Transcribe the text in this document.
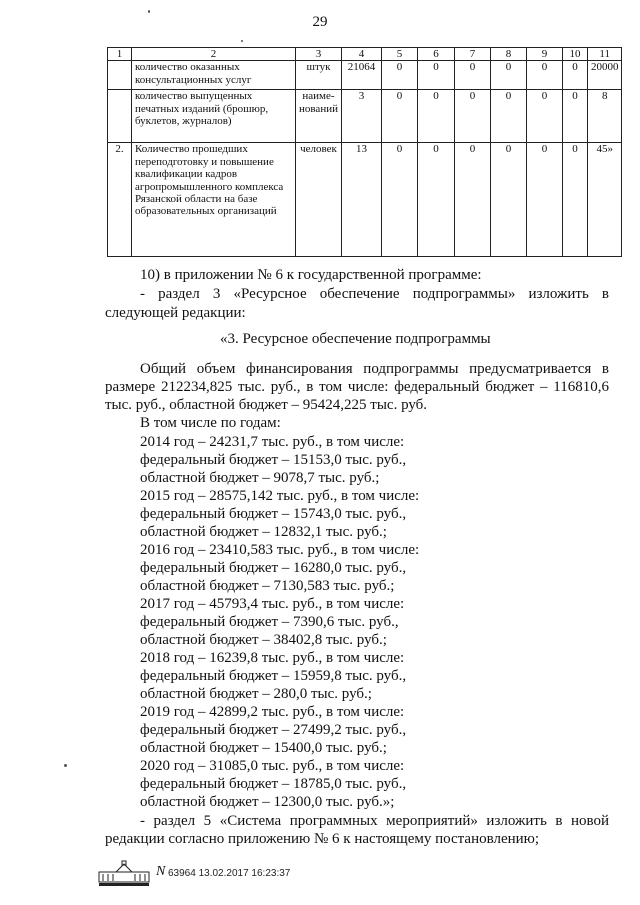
29
1	2	3	4	5	6	7	8	9	10	11
	количество оказанных консультационных услуг	штук	21064	0	0	0	0	0	0	20000
	количество выпущенных печатных изданий (брошюр, буклетов, журналов)	наиме-нований	3	0	0	0	0	0	0	8
2.	Количество прошедших переподготовку и повышение квалификации кадров агропромышленного комплекса Рязанской области на базе образовательных организаций	человек	13	0	0	0	0	0	0	45»
10) в приложении № 6 к государственной программе:
- раздел 3 «Ресурсное обеспечение подпрограммы» изложить в
следующей редакции:
«3. Ресурсное обеспечение подпрограммы
Общий объем финансирования подпрограммы предусматривается в
размере 212234,825 тыс. руб., в том числе: федеральный бюджет – 116810,6
тыс. руб., областной бюджет – 95424,225 тыс. руб.
В том числе по годам:
2014 год – 24231,7 тыс. руб., в том числе:
федеральный бюджет – 15153,0 тыс. руб.,
областной бюджет – 9078,7 тыс. руб.;
2015 год – 28575,142 тыс. руб., в том числе:
федеральный бюджет – 15743,0 тыс. руб.,
областной бюджет – 12832,1 тыс. руб.;
2016 год – 23410,583 тыс. руб., в том числе:
федеральный бюджет – 16280,0 тыс. руб.,
областной бюджет – 7130,583 тыс. руб.;
2017 год – 45793,4 тыс. руб., в том числе:
федеральный бюджет – 7390,6 тыс. руб.,
областной бюджет – 38402,8 тыс. руб.;
2018 год – 16239,8 тыс. руб., в том числе:
федеральный бюджет – 15959,8 тыс. руб.,
областной бюджет – 280,0 тыс. руб.;
2019 год – 42899,2 тыс. руб., в том числе:
федеральный бюджет – 27499,2 тыс. руб.,
областной бюджет – 15400,0 тыс. руб.;
2020 год – 31085,0 тыс. руб., в том числе:
федеральный бюджет – 18785,0 тыс. руб.,
областной бюджет – 12300,0 тыс. руб.»;
- раздел 5 «Система программных мероприятий» изложить в новой
редакции согласно приложению № 6 к настоящему постановлению;
N 63964 13.02.2017 16:23:37
